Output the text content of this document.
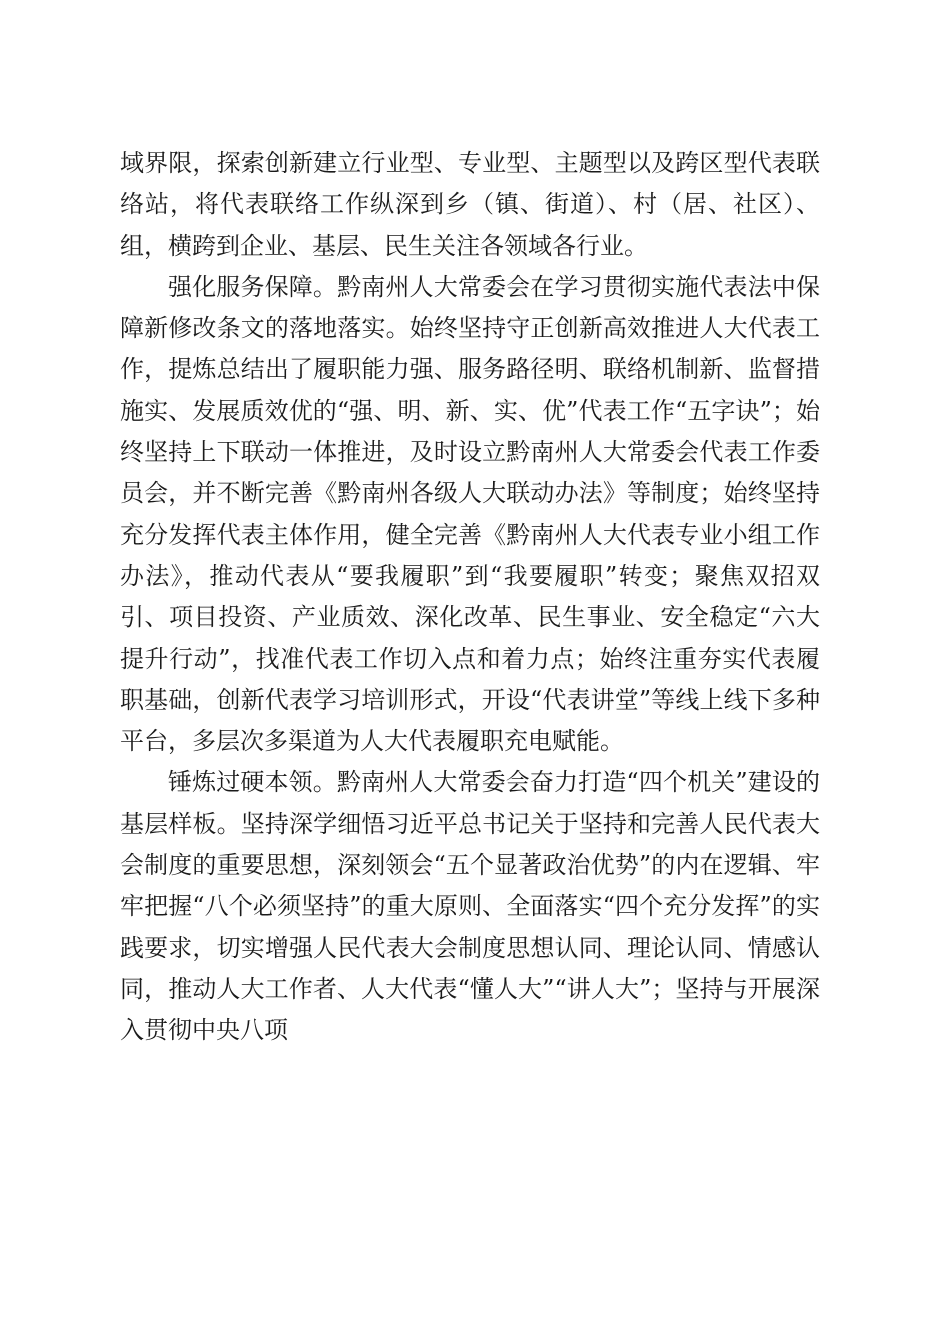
域界限，探索创新建立行业型、专业型、主题型以及跨区型代表联络站，将代表联络工作纵深到乡（镇、街道）、村（居、社区）、组，横跨到企业、基层、民生关注各领域各行业。

强化服务保障。黔南州人大常委会在学习贯彻实施代表法中保障新修改条文的落地落实。始终坚持守正创新高效推进人大代表工作，提炼总结出了履职能力强、服务路径明、联络机制新、监督措施实、发展质效优的“强、明、新、实、优”代表工作“五字诀”；始终坚持上下联动一体推进，及时设立黔南州人大常委会代表工作委员会，并不断完善《黔南州各级人大联动办法》等制度；始终坚持充分发挥代表主体作用，健全完善《黔南州人大代表专业小组工作办法》，推动代表从“要我履职”到“我要履职”转变；聚焦双招双引、项目投资、产业质效、深化改革、民生事业、安全稳定“六大提升行动”，找准代表工作切入点和着力点；始终注重夯实代表履职基础，创新代表学习培训形式，开设“代表讲堂”等线上线下多种平台，多层次多渠道为人大代表履职充电赋能。

锤炼过硬本领。黔南州人大常委会奋力打造“四个机关”建设的基层样板。坚持深学细悟习近平总书记关于坚持和完善人民代表大会制度的重要思想，深刻领会“五个显著政治优势”的内在逻辑、牢牢把握“八个必须坚持”的重大原则、全面落实“四个充分发挥”的实践要求，切实增强人民代表大会制度思想认同、理论认同、情感认同，推动人大工作者、人大代表“懂人大”“讲人大”；坚持与开展深入贯彻中央八项
